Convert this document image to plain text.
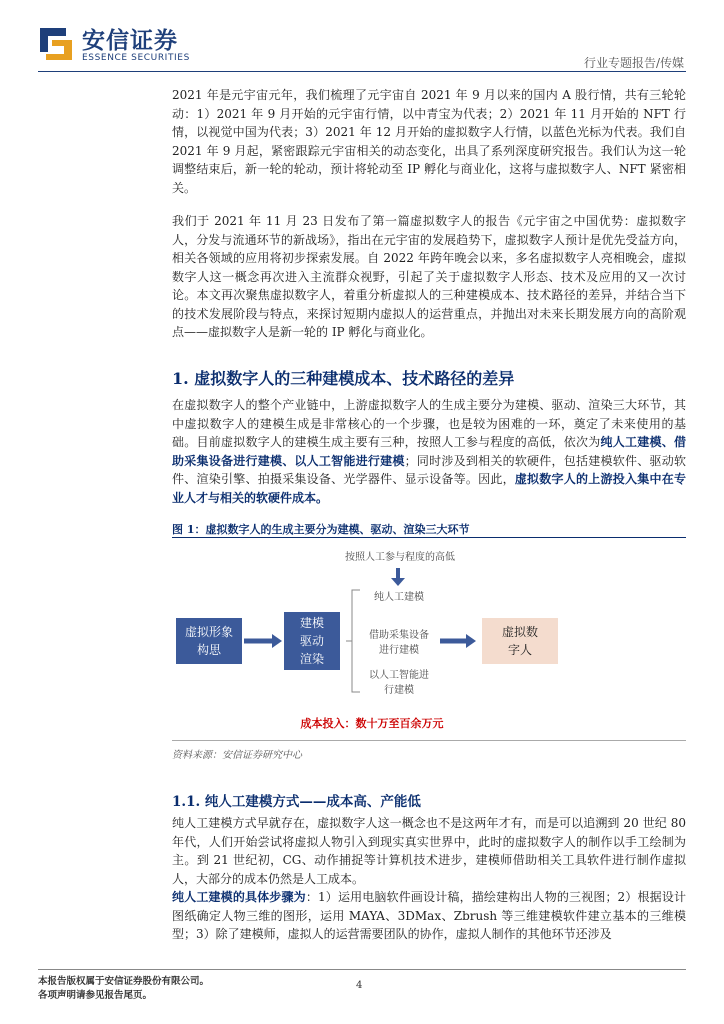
安信证券
ESSENCE SECURITIES	行业专题报告/传媒

2021 年是元宇宙元年，我们梳理了元宇宙自 2021 年 9 月以来的国内 A 股行情，共有三轮轮动：1）2021 年 9 月开始的元宇宙行情，以中青宝为代表；2）2021 年 11 月开始的 NFT 行情，以视觉中国为代表；3）2021 年 12 月开始的虚拟数字人行情，以蓝色光标为代表。我们自 2021 年 9 月起，紧密跟踪元宇宙相关的动态变化，出具了系列深度研究报告。我们认为这一轮调整结束后，新一轮的轮动，预计将轮动至 IP 孵化与商业化，这将与虚拟数字人、NFT 紧密相关。

我们于 2021 年 11 月 23 日发布了第一篇虚拟数字人的报告《元宇宙之中国优势：虚拟数字人，分发与流通环节的新战场》，指出在元宇宙的发展趋势下，虚拟数字人预计是优先受益方向，相关各领域的应用将初步探索发展。自 2022 年跨年晚会以来，多名虚拟数字人亮相晚会，虚拟数字人这一概念再次进入主流群众视野，引起了关于虚拟数字人形态、技术及应用的又一次讨论。本文再次聚焦虚拟数字人，着重分析虚拟人的三种建模成本、技术路径的差异，并结合当下的技术发展阶段与特点，来探讨短期内虚拟人的运营重点，并抛出对未来长期发展方向的高阶观点——虚拟数字人是新一轮的 IP 孵化与商业化。

1. 虚拟数字人的三种建模成本、技术路径的差异

在虚拟数字人的整个产业链中，上游虚拟数字人的生成主要分为建模、驱动、渲染三大环节，其中虚拟数字人的建模生成是非常核心的一个步骤，也是较为困难的一环，奠定了未来使用的基础。目前虚拟数字人的建模生成主要有三种，按照人工参与程度的高低，依次为纯人工建模、借助采集设备进行建模、以人工智能进行建模；同时涉及到相关的软硬件，包括建模软件、驱动软件、渲染引擎、拍摄采集设备、光学器件、显示设备等。因此，虚拟数字人的上游投入集中在专业人才与相关的软硬件成本。

图 1：虚拟数字人的生成主要分为建模、驱动、渲染三大环节
按照人工参与程度的高低
虚拟形象构思
建模驱动渲染
纯人工建模
借助采集设备进行建模
以人工智能进行建模
虚拟数字人
成本投入：数十万至百余万元
资料来源：安信证券研究中心
1.1. 纯人工建模方式——成本高、产能低

纯人工建模方式早就存在，虚拟数字人这一概念也不是这两年才有，而是可以追溯到 20 世纪 80 年代，人们开始尝试将虚拟人物引入到现实真实世界中，此时的虚拟数字人的制作以手工绘制为主。到 21 世纪初，CG、动作捕捉等计算机技术进步，建模师借助相关工具软件进行制作虚拟人，大部分的成本仍然是人工成本。

纯人工建模的具体步骤为：1）运用电脑软件画设计稿，描绘建构出人物的三视图；2）根据设计图纸确定人物三维的图形，运用 MAYA、3DMax、Zbrush 等三维建模软件建立基本的三维模型；3）除了建模师，虚拟人的运营需要团队的协作，虚拟人制作的其他环节还涉及

本报告版权属于安信证券股份有限公司。
各项声明请参见报告尾页。
4
